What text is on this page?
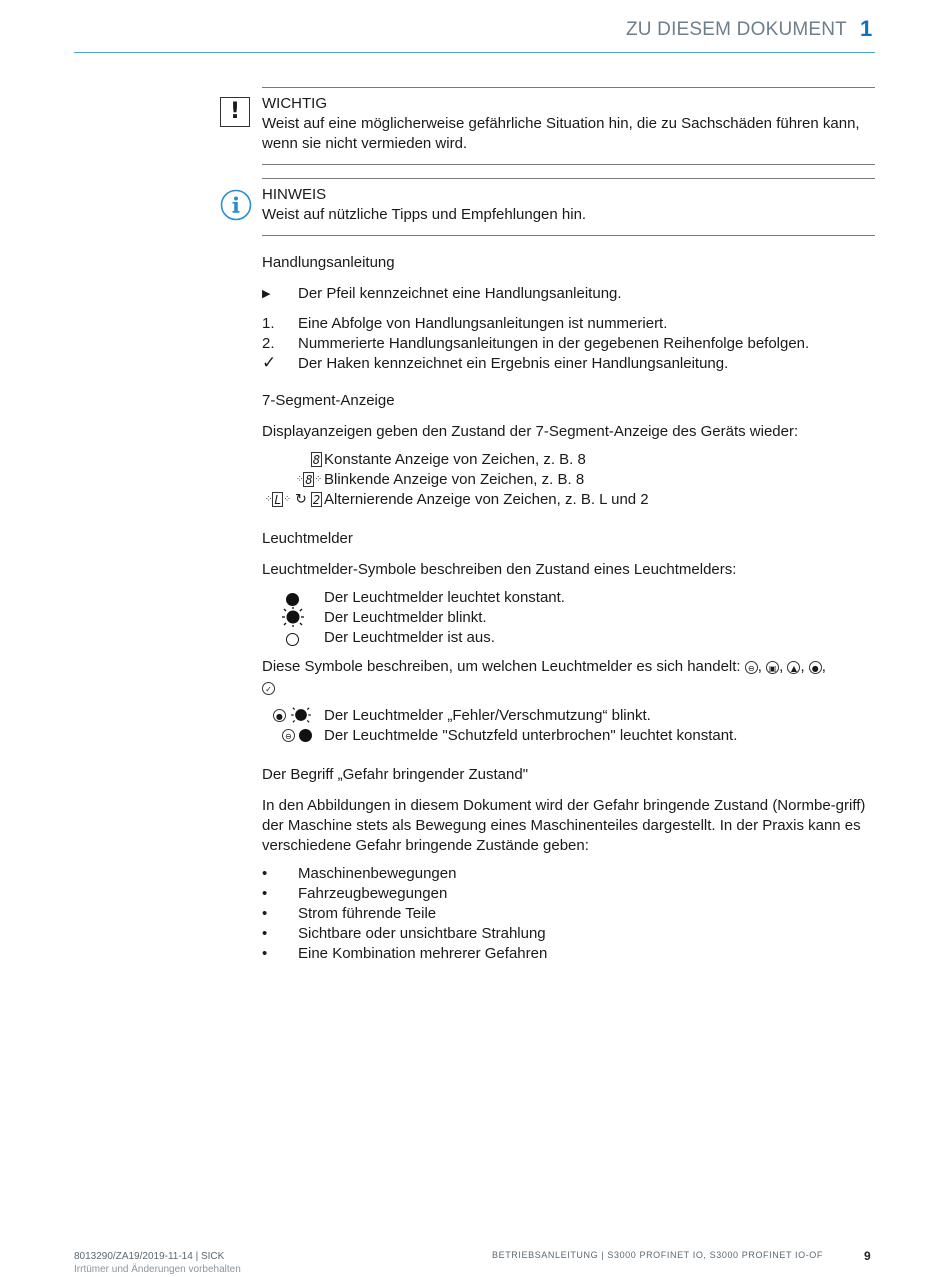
ZU DIESEM DOKUMENT 1
!	WICHTIG
Weist auf eine möglicherweise gefährliche Situation hin, die zu Sachschäden führen kann, wenn sie nicht vermieden wird.
HINWEIS
Weist auf nützliche Tipps und Empfehlungen hin.
Handlungsanleitung
▶	Der Pfeil kennzeichnet eine Handlungsanleitung.
1.	Eine Abfolge von Handlungsanleitungen ist nummeriert.
2.	Nummerierte Handlungsanleitungen in der gegebenen Reihenfolge befolgen.
✓	Der Haken kennzeichnet ein Ergebnis einer Handlungsanleitung.
7-Segment-Anzeige
Displayanzeigen geben den Zustand der 7-Segment-Anzeige des Geräts wieder:
8 Konstante Anzeige von Zeichen, z. B. 8
⁘ 8 ⁘ Blinkende Anzeige von Zeichen, z. B. 8
⁘ L ⁘ ↻ 2 Alternierende Anzeige von Zeichen, z. B. L und 2
Leuchtmelder
Leuchtmelder-Symbole beschreiben den Zustand eines Leuchtmelders:
Der Leuchtmelder leuchtet konstant.
Der Leuchtmelder blinkt.
Der Leuchtmelder ist aus.
Diese Symbole beschreiben, um welchen Leuchtmelder es sich handelt: ⊖ , ▣ , ▲ , ● ,
✓
●	Der Leuchtmelder „Fehler/Verschmutzung“ blinkt.
⊖	Der Leuchtmelde "Schutzfeld unterbrochen" leuchtet konstant.
Der Begriff „Gefahr bringender Zustand"
In den Abbildungen in diesem Dokument wird der Gefahr bringende Zustand (Normbe-griff) der Maschine stets als Bewegung eines Maschinenteiles dargestellt. In der Praxis kann es verschiedene Gefahr bringende Zustände geben:
•	Maschinenbewegungen
•	Fahrzeugbewegungen
•	Strom führende Teile
•	Sichtbare oder unsichtbare Strahlung
•	Eine Kombination mehrerer Gefahren
8013290/ZA19/2019-11-14 | SICK
Irrtümer und Änderungen vorbehalten
BETRIEBSANLEITUNG | S3000 PROFINET IO, S3000 PROFINET IO-OF	9
